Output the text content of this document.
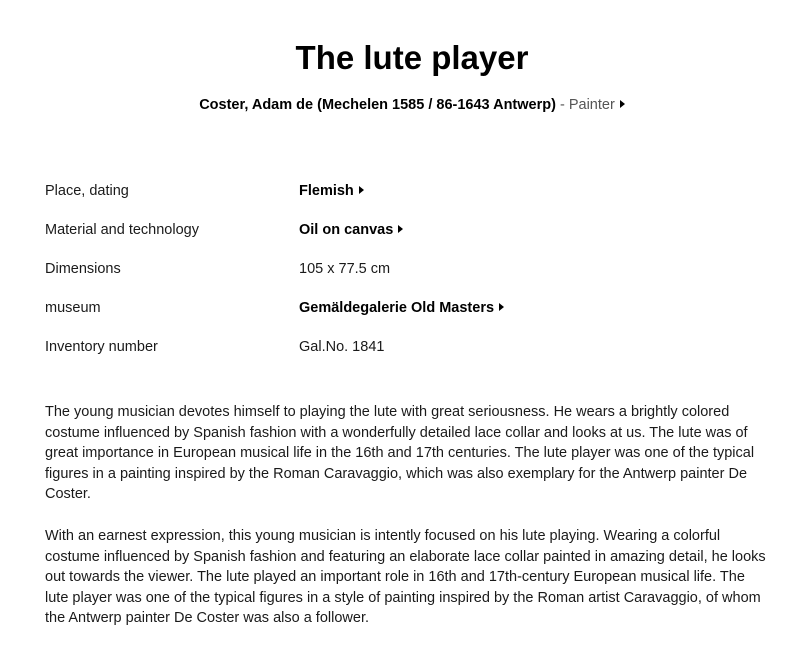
The lute player
Coster, Adam de (Mechelen 1585 / 86-1643 Antwerp) - Painter
Place, dating	Flemish
Material and technology	Oil on canvas
Dimensions	105 x 77.5 cm
museum	Gemäldegalerie Old Masters
Inventory number	Gal.No. 1841

The young musician devotes himself to playing the lute with great seriousness. He wears a brightly colored costume influenced by Spanish fashion with a wonderfully detailed lace collar and looks at us. The lute was of great importance in European musical life in the 16th and 17th centuries. The lute player was one of the typical figures in a painting inspired by the Roman Caravaggio, which was also exemplary for the Antwerp painter De Coster.

With an earnest expression, this young musician is intently focused on his lute playing. Wearing a colorful costume influenced by Spanish fashion and featuring an elaborate lace collar painted in amazing detail, he looks out towards the viewer. The lute played an important role in 16th and 17th-century European musical life. The lute player was one of the typical figures in a style of painting inspired by the Roman artist Caravaggio, of whom the Antwerp painter De Coster was also a follower.
